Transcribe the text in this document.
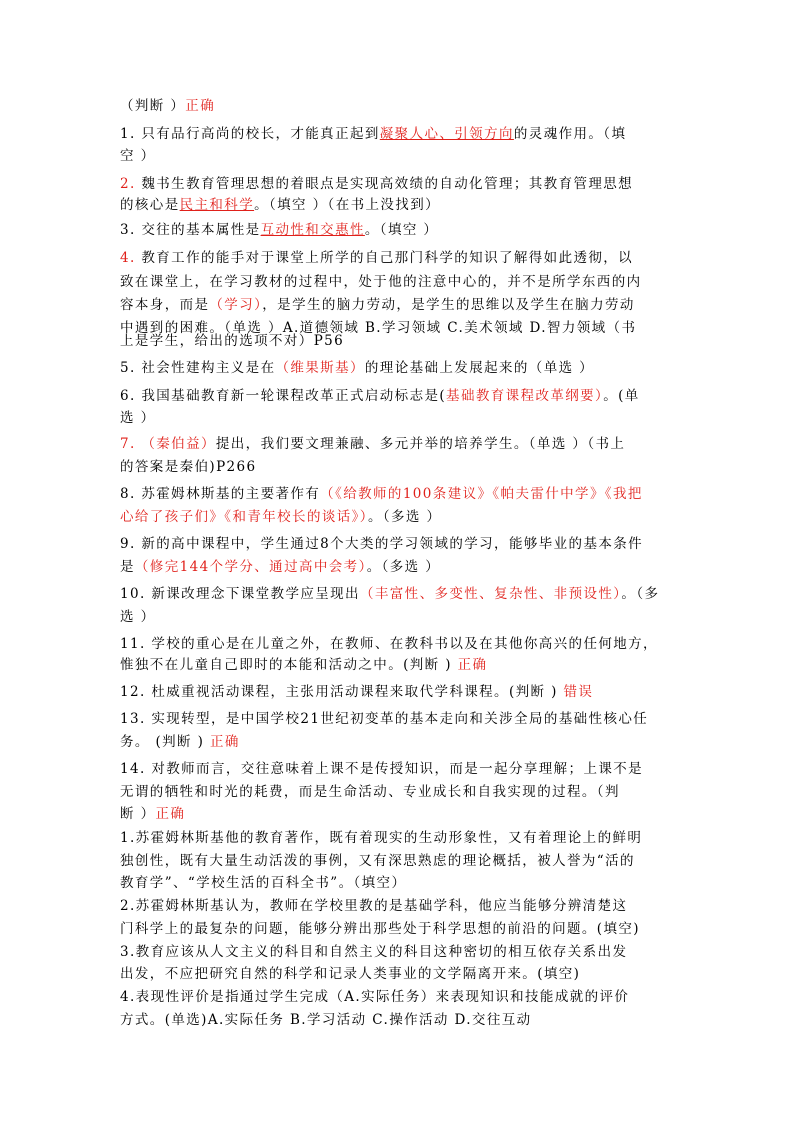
（判断 ）正确
1. 只有品行高尚的校长，才能真正起到凝聚人心、引领方向的灵魂作用。（填
空 ）
2. 魏书生教育管理思想的着眼点是实现高效绩的自动化管理；其教育管理思想
的核心是民主和科学。（填空 ）（在书上没找到）
3. 交往的基本属性是互动性和交惠性。（填空 ）
4. 教育工作的能手对于课堂上所学的自己那门科学的知识了解得如此透彻，以
致在课堂上，在学习教材的过程中，处于他的注意中心的，并不是所学东西的内
容本身，而是（学习），是学生的脑力劳动，是学生的思维以及学生在脑力劳动
中遇到的困难。（单选 ）A.道德领域 B.学习领域 C.美术领域 D.智力领域（书
上是学生，给出的选项不对）P56
5. 社会性建构主义是在（维果斯基）的理论基础上发展起来的（单选 ）
6. 我国基础教育新一轮课程改革正式启动标志是(基础教育课程改革纲要）。(单
选 ）
7. （秦伯益）提出，我们要文理兼融、多元并举的培养学生。（单选 ）（书上
的答案是秦伯)P266
8. 苏霍姆林斯基的主要著作有（《给教师的100条建议》《帕夫雷什中学》《我把
心给了孩子们》《和青年校长的谈话》）。（多选 ）
9. 新的高中课程中，学生通过8个大类的学习领域的学习，能够毕业的基本条件
是（修完144个学分、通过高中会考）。（多选 ）
10. 新课改理念下课堂教学应呈现出（丰富性、多变性、复杂性、非预设性）。（多
选 ）
11. 学校的重心是在儿童之外，在教师、在教科书以及在其他你高兴的任何地方，
惟独不在儿童自己即时的本能和活动之中。(判断 ) 正确
12. 杜威重视活动课程，主张用活动课程来取代学科课程。(判断 ) 错误
13. 实现转型，是中国学校21世纪初变革的基本走向和关涉全局的基础性核心任
务。 (判断 ) 正确
14. 对教师而言，交往意味着上课不是传授知识，而是一起分享理解；上课不是
无谓的牺牲和时光的耗费，而是生命活动、专业成长和自我实现的过程。（判
断 ）正确
1.苏霍姆林斯基他的教育著作，既有着现实的生动形象性，又有着理论上的鲜明
独创性，既有大量生动活泼的事例，又有深思熟虑的理论概括，被人誉为“活的
教育学”、“学校生活的百科全书”。（填空）
2.苏霍姆林斯基认为，教师在学校里教的是基础学科，他应当能够分辨清楚这
门科学上的最复杂的问题，能够分辨出那些处于科学思想的前沿的问题。(填空)
3.教育应该从人文主义的科目和自然主义的科目这种密切的相互依存关系出发
出发，不应把研究自然的科学和记录人类事业的文学隔离开来。(填空)
4.表现性评价是指通过学生完成（A.实际任务）来表现知识和技能成就的评价
方式。(单选)A.实际任务 B.学习活动 C.操作活动 D.交往互动
